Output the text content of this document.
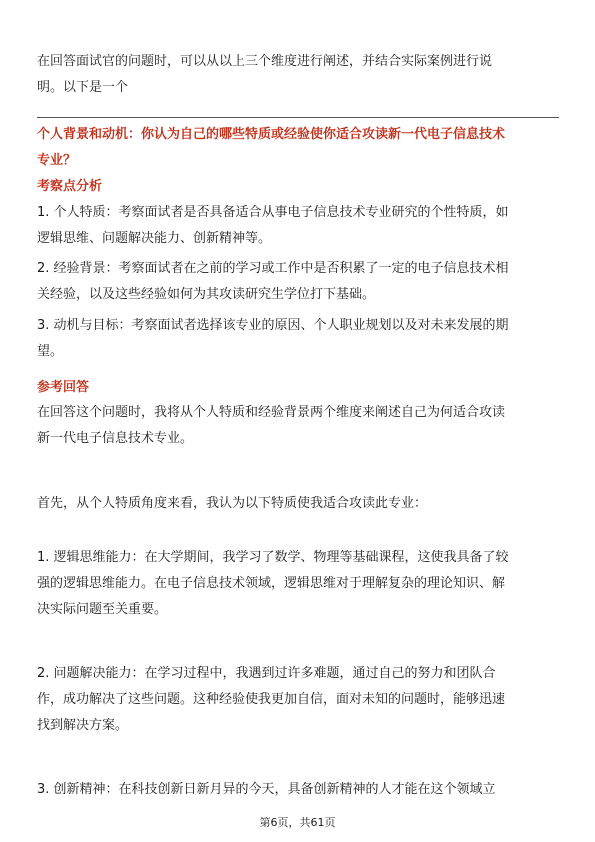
在回答面试官的问题时，可以从以上三个维度进行阐述，并结合实际案例进行说
明。以下是一个
个人背景和动机：你认为自己的哪些特质或经验使你适合攻读新一代电子信息技术
专业？
考察点分析
1. 个人特质：考察面试者是否具备适合从事电子信息技术专业研究的个性特质，如
逻辑思维、问题解决能力、创新精神等。
2. 经验背景：考察面试者在之前的学习或工作中是否积累了一定的电子信息技术相
关经验，以及这些经验如何为其攻读研究生学位打下基础。
3. 动机与目标：考察面试者选择该专业的原因、个人职业规划以及对未来发展的期
望。
参考回答
在回答这个问题时，我将从个人特质和经验背景两个维度来阐述自己为何适合攻读
新一代电子信息技术专业。
首先，从个人特质角度来看，我认为以下特质使我适合攻读此专业：
1. 逻辑思维能力：在大学期间，我学习了数学、物理等基础课程，这使我具备了较
强的逻辑思维能力。在电子信息技术领域，逻辑思维对于理解复杂的理论知识、解
决实际问题至关重要。
2. 问题解决能力：在学习过程中，我遇到过许多难题，通过自己的努力和团队合
作，成功解决了这些问题。这种经验使我更加自信，面对未知的问题时，能够迅速
找到解决方案。
3. 创新精神：在科技创新日新月异的今天，具备创新精神的人才能在这个领域立
第6页，共61页
